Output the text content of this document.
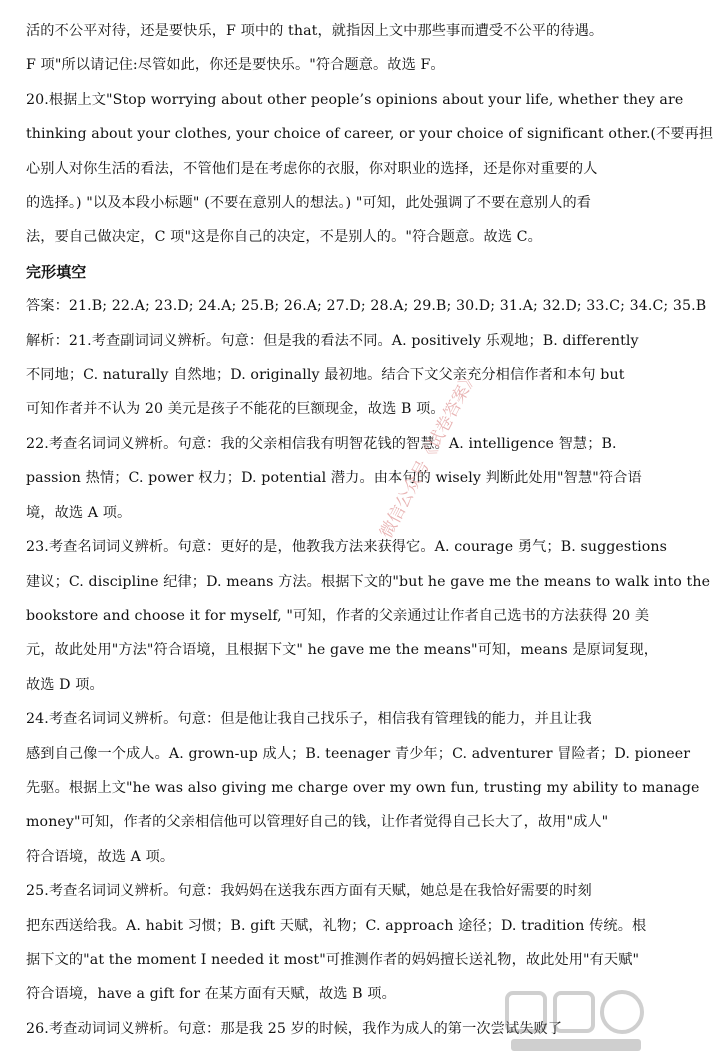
活的不公平对待，还是要快乐，F 项中的 that，就指因上文中那些事而遭受不公平的待遇。
F 项"所以请记住:尽管如此，你还是要快乐。"符合题意。故选 F。
20.根据上文"Stop worrying about other people’s opinions about your life, whether they are
thinking about your clothes, your choice of career, or your choice of significant other.(不要再担
心别人对你生活的看法，不管他们是在考虑你的衣服，你对职业的选择，还是你对重要的人
的选择。) "以及本段小标题" (不要在意别人的想法。) "可知，此处强调了不要在意别人的看
法，要自己做决定，C 项"这是你自己的决定，不是别人的。"符合题意。故选 C。
完形填空
答案：21.B; 22.A; 23.D; 24.A; 25.B; 26.A; 27.D; 28.A; 29.B; 30.D; 31.A; 32.D; 33.C; 34.C; 35.B
解析：21.考查副词词义辨析。句意：但是我的看法不同。A. positively 乐观地；B. differently
不同地；C. naturally 自然地；D. originally 最初地。结合下文父亲充分相信作者和本句 but
可知作者并不认为 20 美元是孩子不能花的巨额现金，故选 B 项。
22.考查名词词义辨析。句意：我的父亲相信我有明智花钱的智慧。A. intelligence 智慧；B.
passion 热情；C. power 权力；D. potential 潜力。由本句的 wisely 判断此处用"智慧"符合语
境，故选 A 项。
23.考查名词词义辨析。句意：更好的是，他教我方法来获得它。A. courage 勇气；B. suggestions
建议；C. discipline 纪律；D. means 方法。根据下文的"but he gave me the means to walk into the
bookstore and choose it for myself, "可知，作者的父亲通过让作者自己选书的方法获得 20 美
元，故此处用"方法"符合语境，且根据下文" he gave me the means"可知，means 是原词复现，
故选 D 项。
24.考查名词词义辨析。句意：但是他让我自己找乐子，相信我有管理钱的能力，并且让我
感到自己像一个成人。A. grown-up 成人；B. teenager 青少年；C. adventurer 冒险者；D. pioneer
先驱。根据上文"he was also giving me charge over my own fun, trusting my ability to manage
money"可知，作者的父亲相信他可以管理好自己的钱，让作者觉得自己长大了，故用"成人"
符合语境，故选 A 项。
25.考查名词词义辨析。句意：我妈妈在送我东西方面有天赋，她总是在我恰好需要的时刻
把东西送给我。A. habit 习惯；B. gift 天赋，礼物；C. approach 途径；D. tradition 传统。根
据下文的"at the moment I needed it most"可推测作者的妈妈擅长送礼物，故此处用"有天赋"
符合语境，have a gift for 在某方面有天赋，故选 B 项。
26.考查动词词义辨析。句意：那是我 25 岁的时候，我作为成人的第一次尝试失败了
微信公众号《试卷答案》
